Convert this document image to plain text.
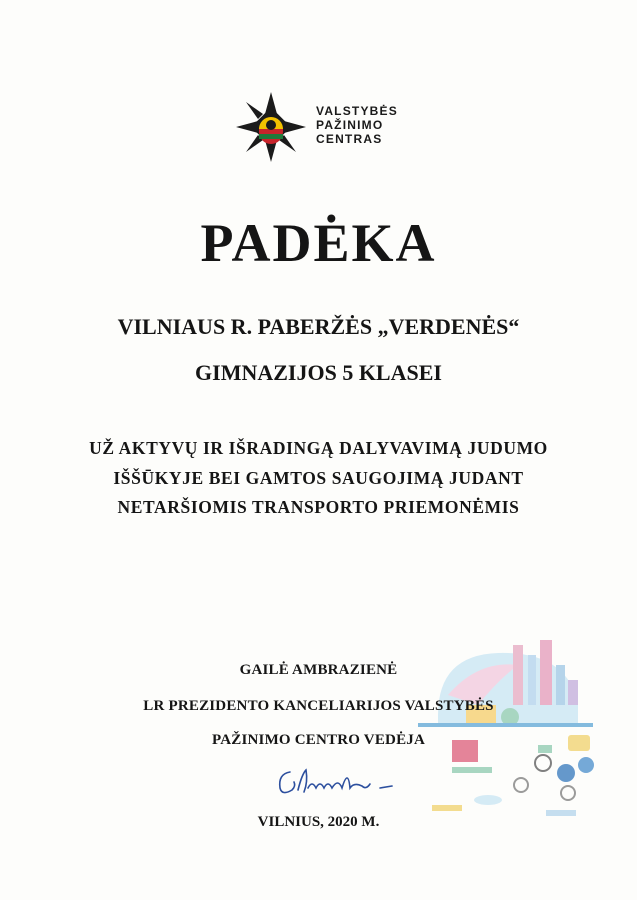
VALSTYBĖS
PAŽINIMO
CENTRAS
PADĖKA
VILNIAUS R. PABERŽĖS „VERDENĖS“
GIMNAZIJOS 5 KLASEI
UŽ AKTYVŲ IR IŠRADINGĄ DALYVAVIMĄ JUDUMO
IŠŠŪKYJE BEI GAMTOS SAUGOJIMĄ JUDANT
NETARŠIOMIS TRANSPORTO PRIEMONĖMIS
GAILĖ AMBRAZIENĖ
LR PREZIDENTO KANCELIARIJOS VALSTYBĖS
PAŽINIMO CENTRO VEDĖJA
VILNIUS, 2020 M.
